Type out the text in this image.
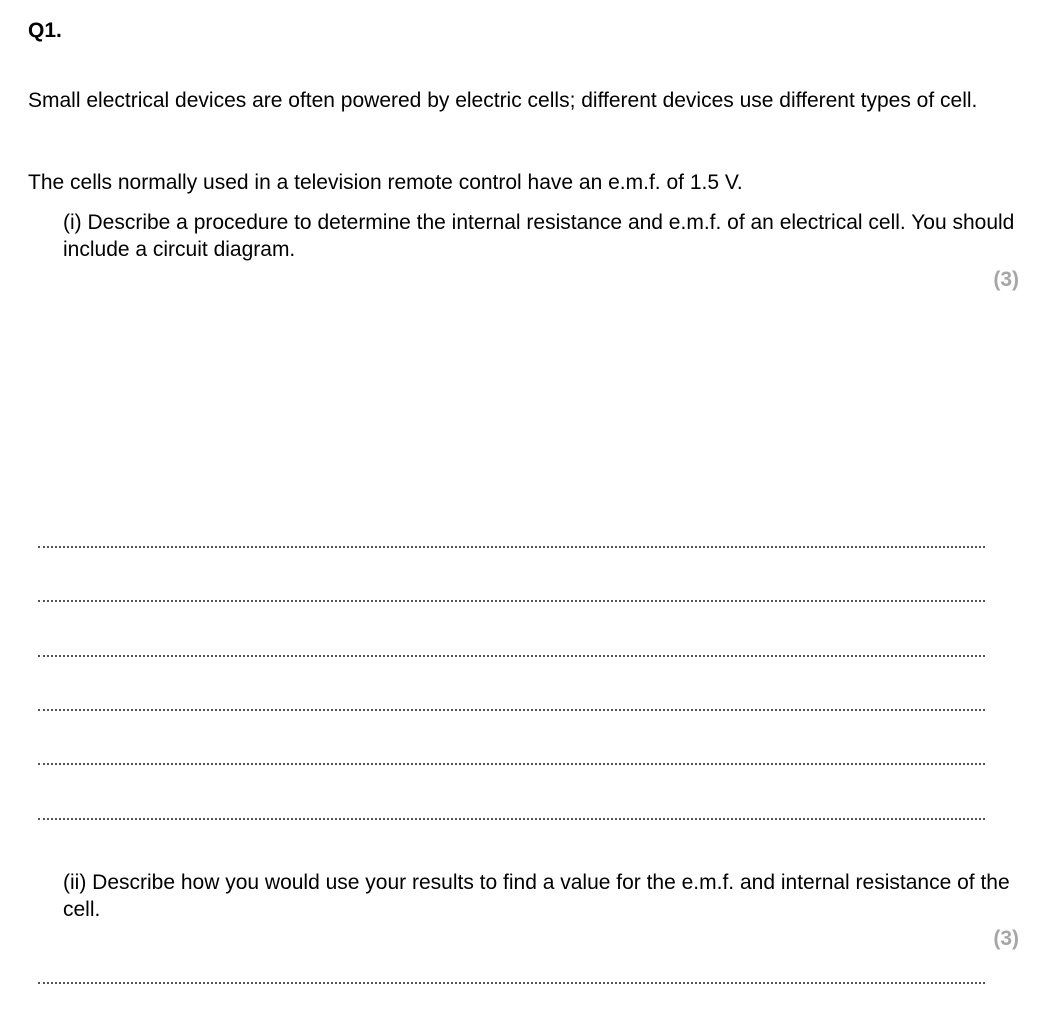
Q1.
Small electrical devices are often powered by electric cells; different devices use different types of cell.
The cells normally used in a television remote control have an e.m.f. of 1.5 V.
(i) Describe a procedure to determine the internal resistance and e.m.f. of an electrical cell. You should include a circuit diagram.
(3)
(ii) Describe how you would use your results to find a value for the e.m.f. and internal resistance of the cell.
(3)
